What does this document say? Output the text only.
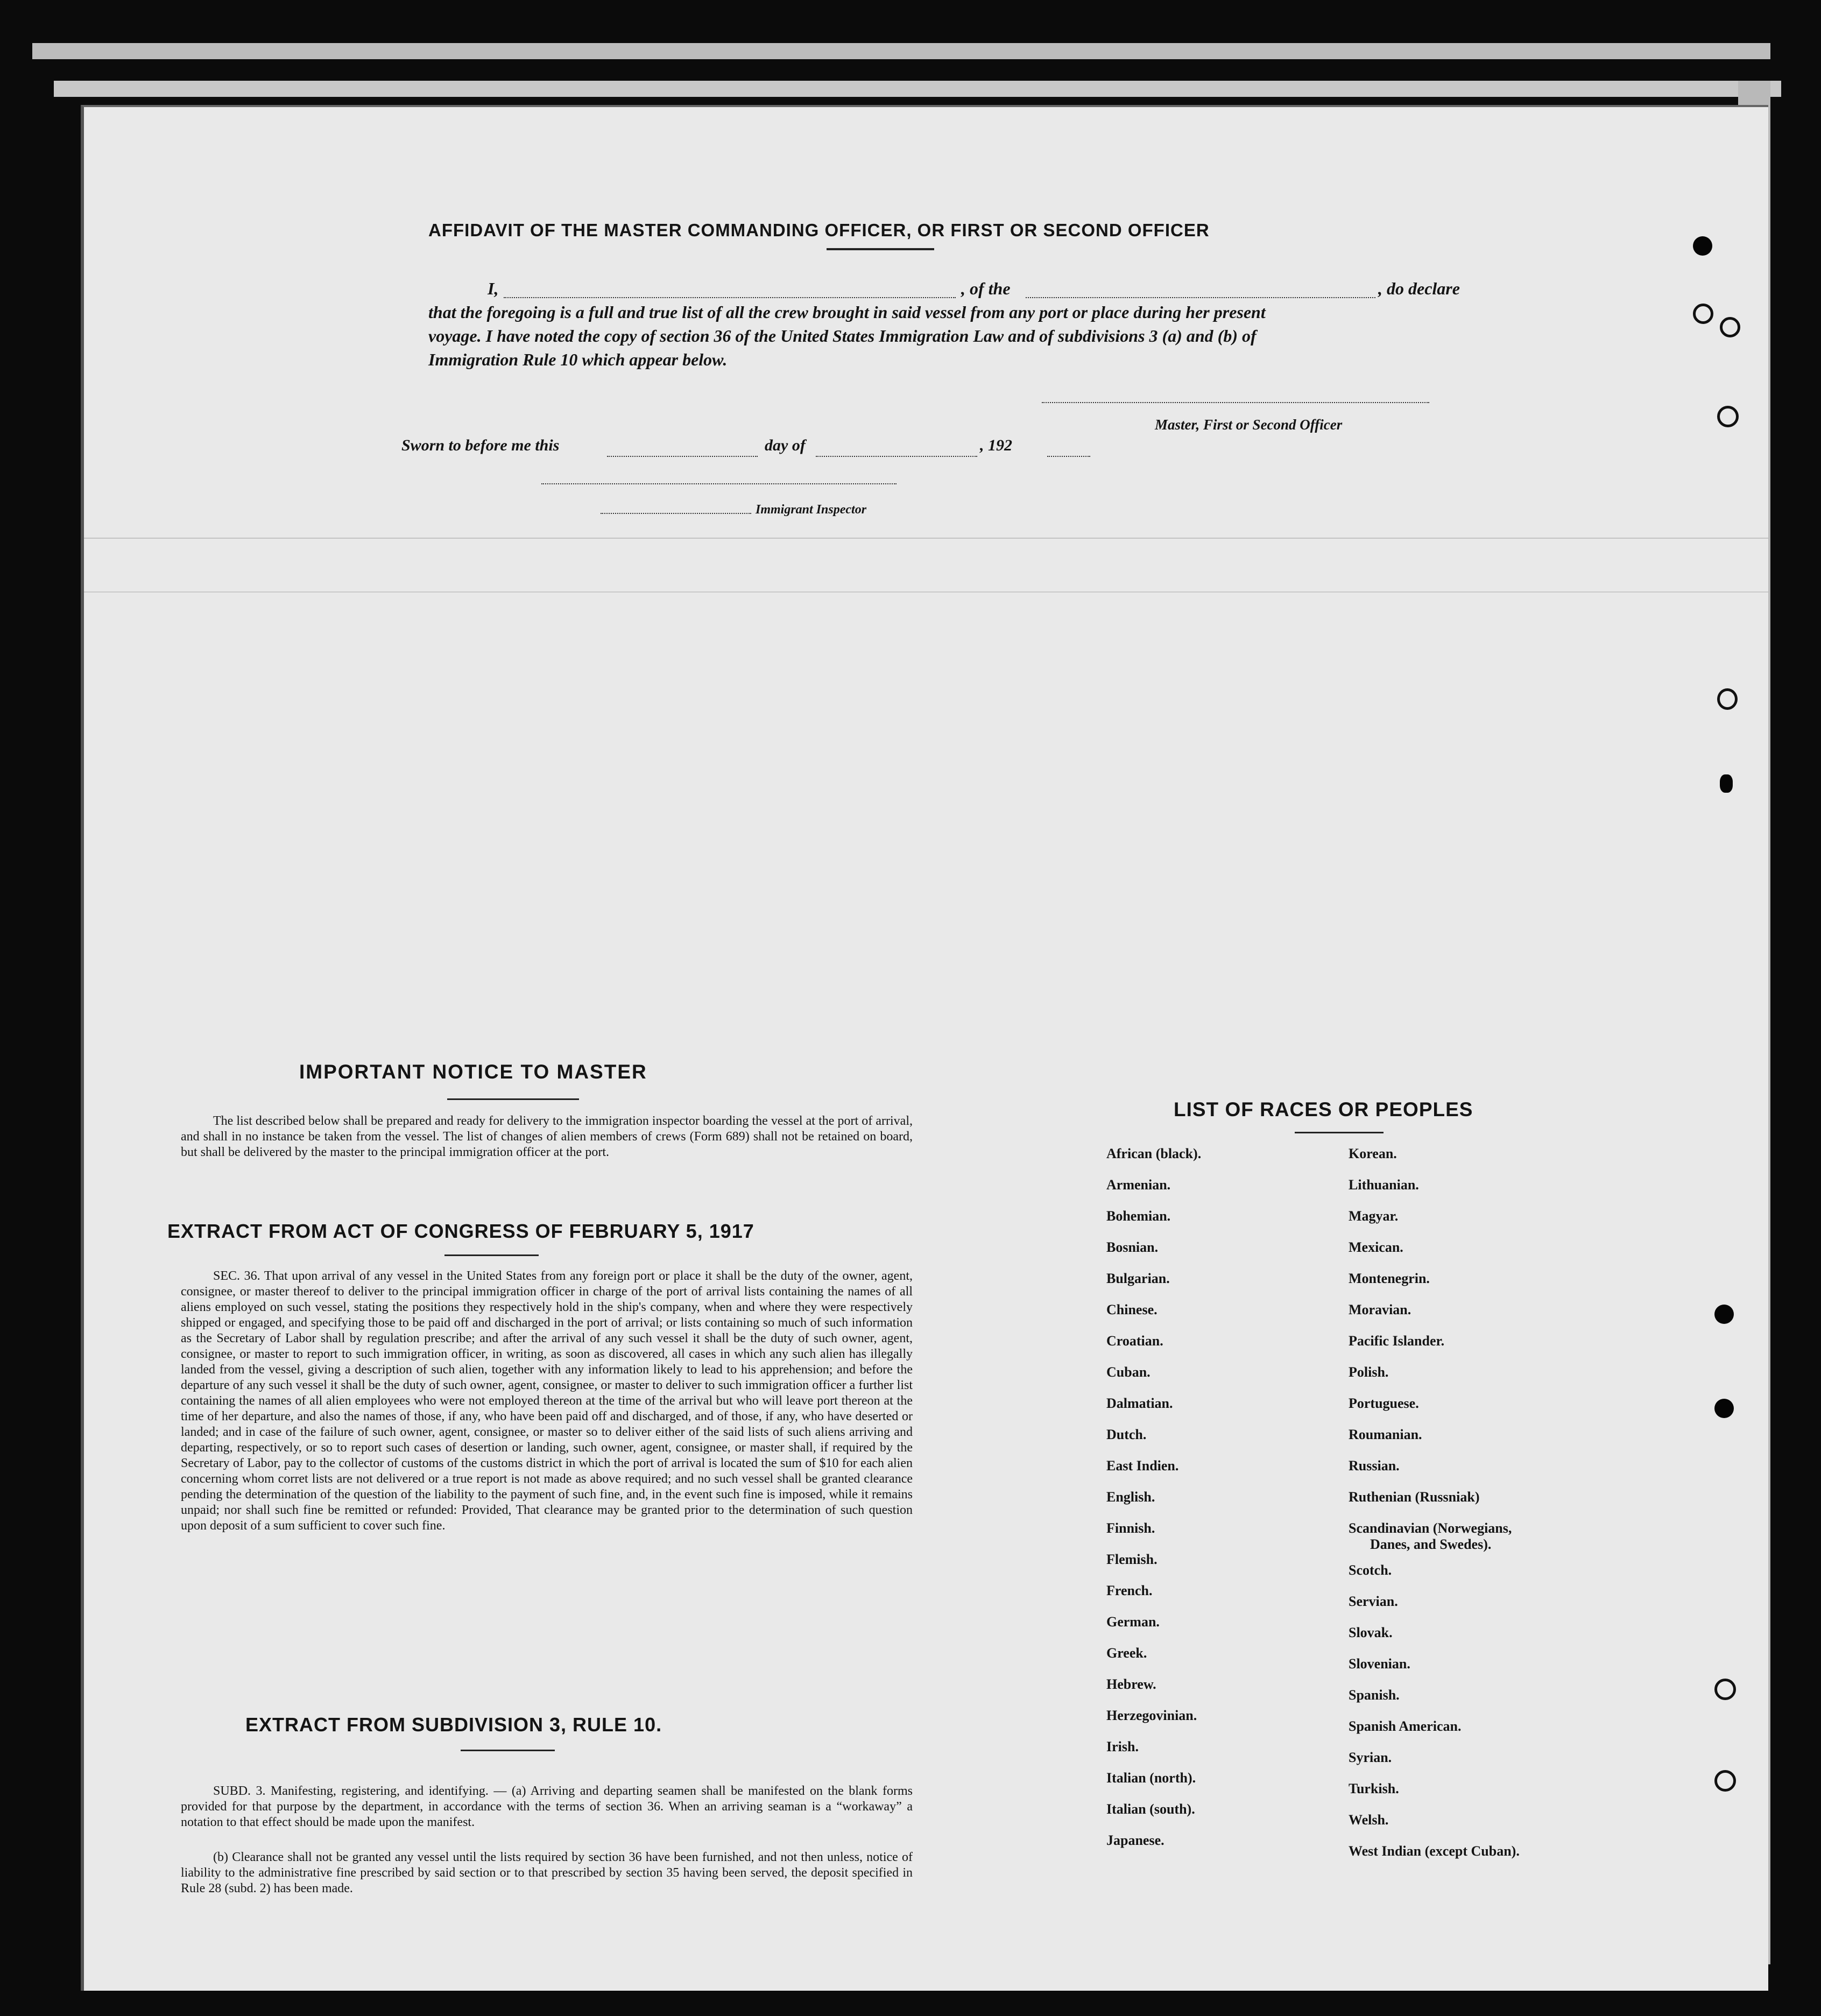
AFFIDAVIT OF THE MASTER COMMANDING OFFICER, OR FIRST OR SECOND OFFICER
I,	, of the	, do declare
that the foregoing is a full and true list of all the crew brought in said vessel from any port or place during her present
voyage. I have noted the copy of section 36 of the United States Immigration Law and of subdivisions 3 (a) and (b) of
Immigration Rule 10 which appear below.
Master, First or Second Officer
Sworn to before me this	day of	, 192
Immigrant Inspector
IMPORTANT NOTICE TO MASTER
The list described below shall be prepared and ready for delivery to the immigration inspector boarding the vessel at the port of arrival, and shall in no instance be taken from the vessel. The list of changes of alien members of crews (Form 689) shall not be retained on board, but shall be delivered by the master to the principal immigration officer at the port.
EXTRACT FROM ACT OF CONGRESS OF FEBRUARY 5, 1917
SEC. 36. That upon arrival of any vessel in the United States from any foreign port or place it shall be the duty of the owner, agent, consignee, or master thereof to deliver to the principal immigration officer in charge of the port of arrival lists containing the names of all aliens employed on such vessel, stating the positions they respectively hold in the ship's company, when and where they were respectively shipped or engaged, and specifying those to be paid off and discharged in the port of arrival; or lists containing so much of such information as the Secretary of Labor shall by regulation prescribe; and after the arrival of any such vessel it shall be the duty of such owner, agent, consignee, or master to report to such immigration officer, in writing, as soon as discovered, all cases in which any such alien has illegally landed from the vessel, giving a description of such alien, together with any information likely to lead to his apprehension; and before the departure of any such vessel it shall be the duty of such owner, agent, consignee, or master to deliver to such immigration officer a further list containing the names of all alien employees who were not employed thereon at the time of the arrival but who will leave port thereon at the time of her departure, and also the names of those, if any, who have been paid off and discharged, and of those, if any, who have deserted or landed; and in case of the failure of such owner, agent, consignee, or master so to deliver either of the said lists of such aliens arriving and departing, respectively, or so to report such cases of desertion or landing, such owner, agent, consignee, or master shall, if required by the Secretary of Labor, pay to the collector of customs of the customs district in which the port of arrival is located the sum of $10 for each alien concerning whom corret lists are not delivered or a true report is not made as above required; and no such vessel shall be granted clearance pending the determination of the question of the liability to the payment of such fine, and, in the event such fine is imposed, while it remains unpaid; nor shall such fine be remitted or refunded: Provided, That clearance may be granted prior to the determination of such question upon deposit of a sum sufficient to cover such fine.
EXTRACT FROM SUBDIVISION 3, RULE 10.
SUBD. 3. Manifesting, registering, and identifying. — (a) Arriving and departing seamen shall be manifested on the blank forms provided for that purpose by the department, in accordance with the terms of section 36. When an arriving seaman is a “workaway” a notation to that effect should be made upon the manifest.
(b) Clearance shall not be granted any vessel until the lists required by section 36 have been furnished, and not then unless, notice of liability to the administrative fine prescribed by said section or to that prescribed by section 35 having been served, the deposit specified in Rule 28 (subd. 2) has been made.
LIST OF RACES OR PEOPLES
African (black).
Armenian.
Bohemian.
Bosnian.
Bulgarian.
Chinese.
Croatian.
Cuban.
Dalmatian.
Dutch.
East Indien.
English.
Finnish.
Flemish.
French.
German.
Greek.
Hebrew.
Herzegovinian.
Irish.
Italian (north).
Italian (south).
Japanese.
Korean.
Lithuanian.
Magyar.
Mexican.
Montenegrin.
Moravian.
Pacific Islander.
Polish.
Portuguese.
Roumanian.
Russian.
Ruthenian (Russniak)
Scandinavian (Norwegians,
Danes, and Swedes).
Scotch.
Servian.
Slovak.
Slovenian.
Spanish.
Spanish American.
Syrian.
Turkish.
Welsh.
West Indian (except Cuban).
